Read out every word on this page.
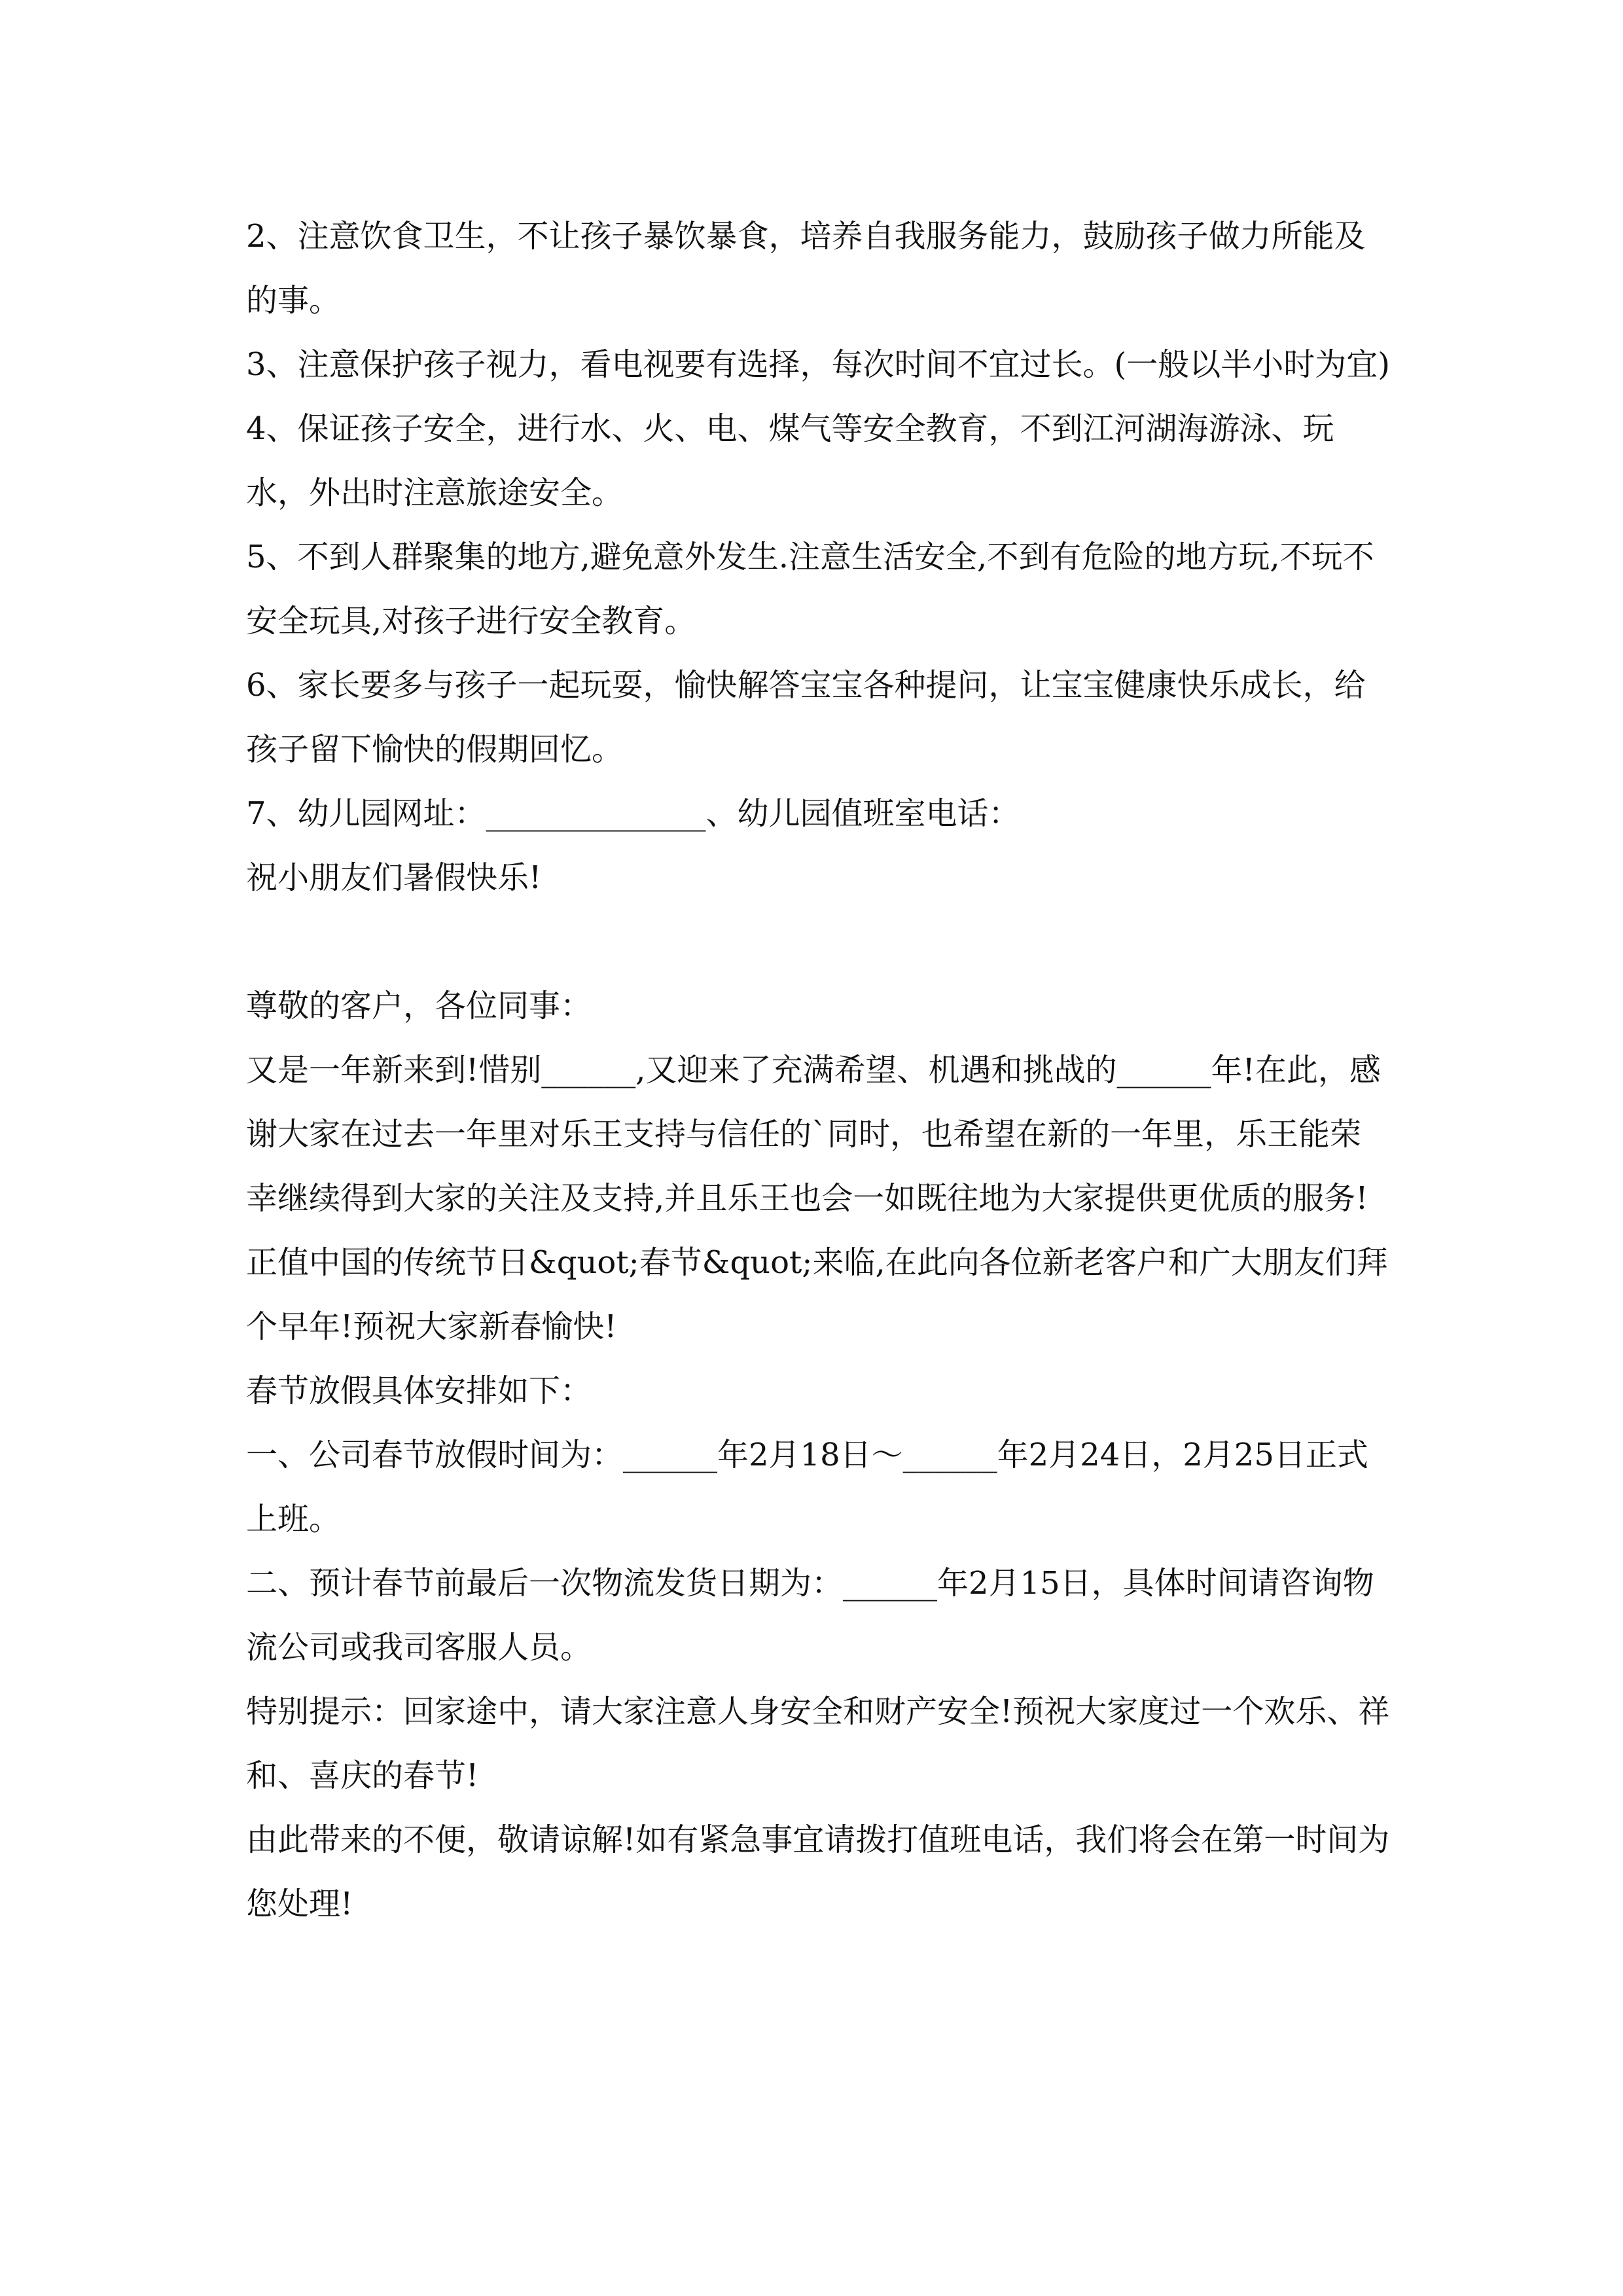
2、注意饮食卫生，不让孩子暴饮暴食，培养自我服务能力，鼓励孩子做力所能及的事。

3、注意保护孩子视力，看电视要有选择，每次时间不宜过长。(一般以半小时为宜)

4、保证孩子安全，进行水、火、电、煤气等安全教育，不到江河湖海游泳、玩水，外出时注意旅途安全。

5、不到人群聚集的地方,避免意外发生.注意生活安全,不到有危险的地方玩,不玩不安全玩具,对孩子进行安全教育。

6、家长要多与孩子一起玩耍，愉快解答宝宝各种提问，让宝宝健康快乐成长，给孩子留下愉快的假期回忆。

7、幼儿园网址：______________、幼儿园值班室电话：

祝小朋友们暑假快乐!

尊敬的客户，各位同事：

又是一年新来到!惜别______,又迎来了充满希望、机遇和挑战的______年!在此，感谢大家在过去一年里对乐王支持与信任的`同时，也希望在新的一年里，乐王能荣幸继续得到大家的关注及支持,并且乐王也会一如既往地为大家提供更优质的服务!

正值中国的传统节日&quot;春节&quot;来临,在此向各位新老客户和广大朋友们拜个早年!预祝大家新春愉快!

春节放假具体安排如下：

一、公司春节放假时间为：______年2月18日～______年2月24日，2月25日正式上班。

二、预计春节前最后一次物流发货日期为：______年2月15日，具体时间请咨询物流公司或我司客服人员。

特别提示：回家途中，请大家注意人身安全和财产安全!预祝大家度过一个欢乐、祥和、喜庆的春节!

由此带来的不便，敬请谅解!如有紧急事宜请拨打值班电话，我们将会在第一时间为您处理!
